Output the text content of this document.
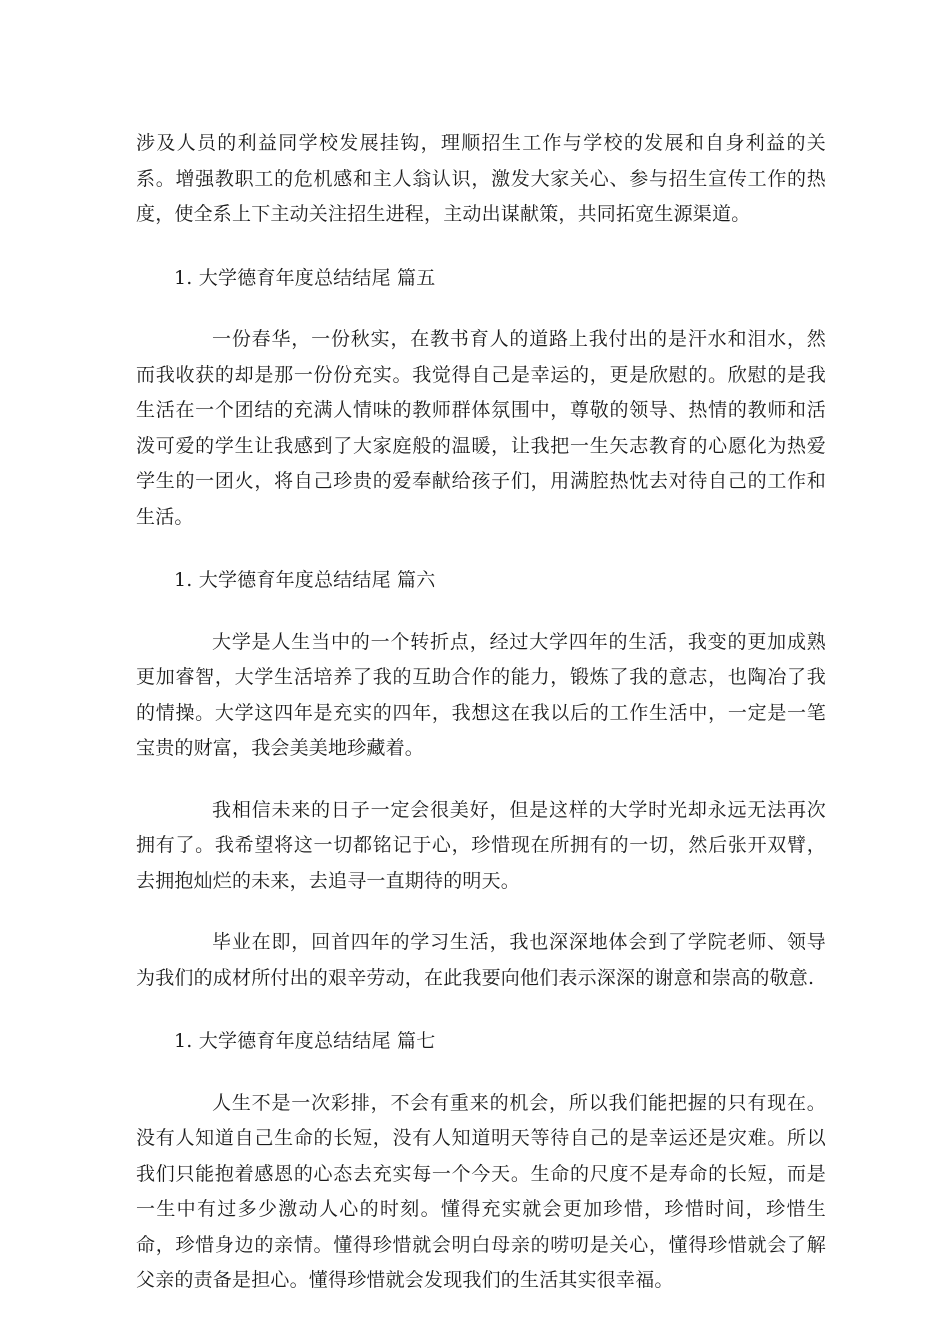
涉及人员的利益同学校发展挂钩，理顺招生工作与学校的发展和自身利益的关系。增强教职工的危机感和主人翁认识，激发大家关心、参与招生宣传工作的热度，使全系上下主动关注招生进程，主动出谋献策，共同拓宽生源渠道。

1. 大学德育年度总结结尾 篇五

一份春华，一份秋实，在教书育人的道路上我付出的是汗水和泪水，然而我收获的却是那一份份充实。我觉得自己是幸运的，更是欣慰的。欣慰的是我生活在一个团结的充满人情味的教师群体氛围中，尊敬的领导、热情的教师和活泼可爱的学生让我感到了大家庭般的温暖，让我把一生矢志教育的心愿化为热爱学生的一团火，将自己珍贵的爱奉献给孩子们，用满腔热忱去对待自己的工作和生活。

1. 大学德育年度总结结尾 篇六

大学是人生当中的一个转折点，经过大学四年的生活，我变的更加成熟更加睿智，大学生活培养了我的互助合作的能力，锻炼了我的意志，也陶冶了我的情操。大学这四年是充实的四年，我想这在我以后的工作生活中，一定是一笔宝贵的财富，我会美美地珍藏着。

我相信未来的日子一定会很美好，但是这样的大学时光却永远无法再次拥有了。我希望将这一切都铭记于心，珍惜现在所拥有的一切，然后张开双臂，去拥抱灿烂的未来，去追寻一直期待的明天。

毕业在即，回首四年的学习生活，我也深深地体会到了学院老师、领导为我们的成材所付出的艰辛劳动，在此我要向他们表示深深的谢意和崇高的敬意.

1. 大学德育年度总结结尾 篇七

人生不是一次彩排，不会有重来的机会，所以我们能把握的只有现在。没有人知道自己生命的长短，没有人知道明天等待自己的是幸运还是灾难。所以我们只能抱着感恩的心态去充实每一个今天。生命的尺度不是寿命的长短，而是一生中有过多少激动人心的时刻。懂得充实就会更加珍惜，珍惜时间，珍惜生命，珍惜身边的亲情。懂得珍惜就会明白母亲的唠叨是关心，懂得珍惜就会了解父亲的责备是担心。懂得珍惜就会发现我们的生活其实很幸福。
